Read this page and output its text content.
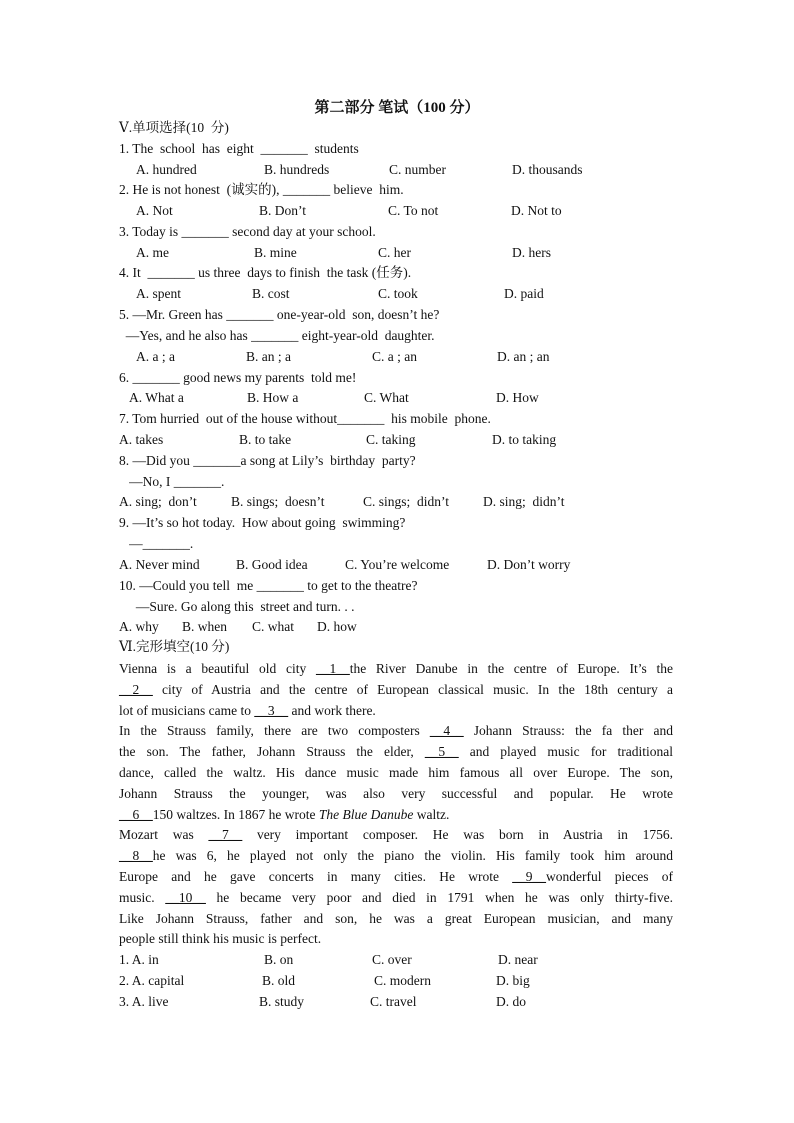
第二部分 笔试（100 分）
Ⅴ.单项选择(10  分)
1. The  school  has  eight  _______  students
A. hundred	B. hundreds	C. number	D. thousands
2. He is not honest  (诚实的), _______ believe  him.
A. Not	B. Don’t	C. To not	D. Not to
3. Today is _______ second day at your school.
A. me	B. mine	C. her	D. hers
4. It  _______ us three  days to finish  the task (任务).
A. spent	B. cost	C. took	D. paid
5. —Mr. Green has _______ one-year-old  son, doesn’t he?
—Yes, and he also has _______ eight-year-old  daughter.
A. a ; a	B. an ; a	C. a ; an	D. an ; an
6. _______ good news my parents  told me!
A. What a	B. How a	C. What	D. How
7. Tom hurried  out of the house without_______  his mobile  phone.
A. takes	B. to take	C. taking	D. to taking
8. —Did you _______a song at Lily’s  birthday  party?
—No, I _______.
A. sing;  don’t	B. sings;  doesn’t	C. sings;  didn’t	D. sing;  didn’t
9. —It’s so hot today.  How about going  swimming?
—_______.
A. Never mind	B. Good idea	C. You’re welcome	D. Don’t worry
10. —Could you tell  me _______ to get to the theatre?
—Sure. Go along this  street and turn. . .
A. why B. when C. what D. how
Ⅵ.完形填空(10 分)
Vienna is a beautiful old city __1__the River Danube in the centre of Europe. It’s the
__2__ city of Austria and the centre of European classical music. In the 18th century a
lot of musicians came to __3__ and work there.
In the Strauss family, there are two composters __4__ Johann Strauss: the fa ther and
the son. The father, Johann Strauss the elder, __5__ and played music for traditional
dance, called the waltz. His dance music made him famous all over Europe. The son,
Johann Strauss the younger, was also very successful and popular. He wrote
__6__150 waltzes. In 1867 he wrote The Blue Danube waltz.
Mozart was __7__ very important composer. He was born in Austria in 1756.
__8__he was 6, he played not only the piano the violin. His family took him around
Europe and he gave concerts in many cities. He wrote __9__wonderful pieces of
music. __10__ he became very poor and died in 1791 when he was only thirty-five.
Like Johann Strauss, father and son, he was a great European musician, and many
people still think his music is perfect.
1. A. in	B. on	C. over	D. near
2. A. capital	B. old	C. modern	D. big
3. A. live	B. study	C. travel	D. do
